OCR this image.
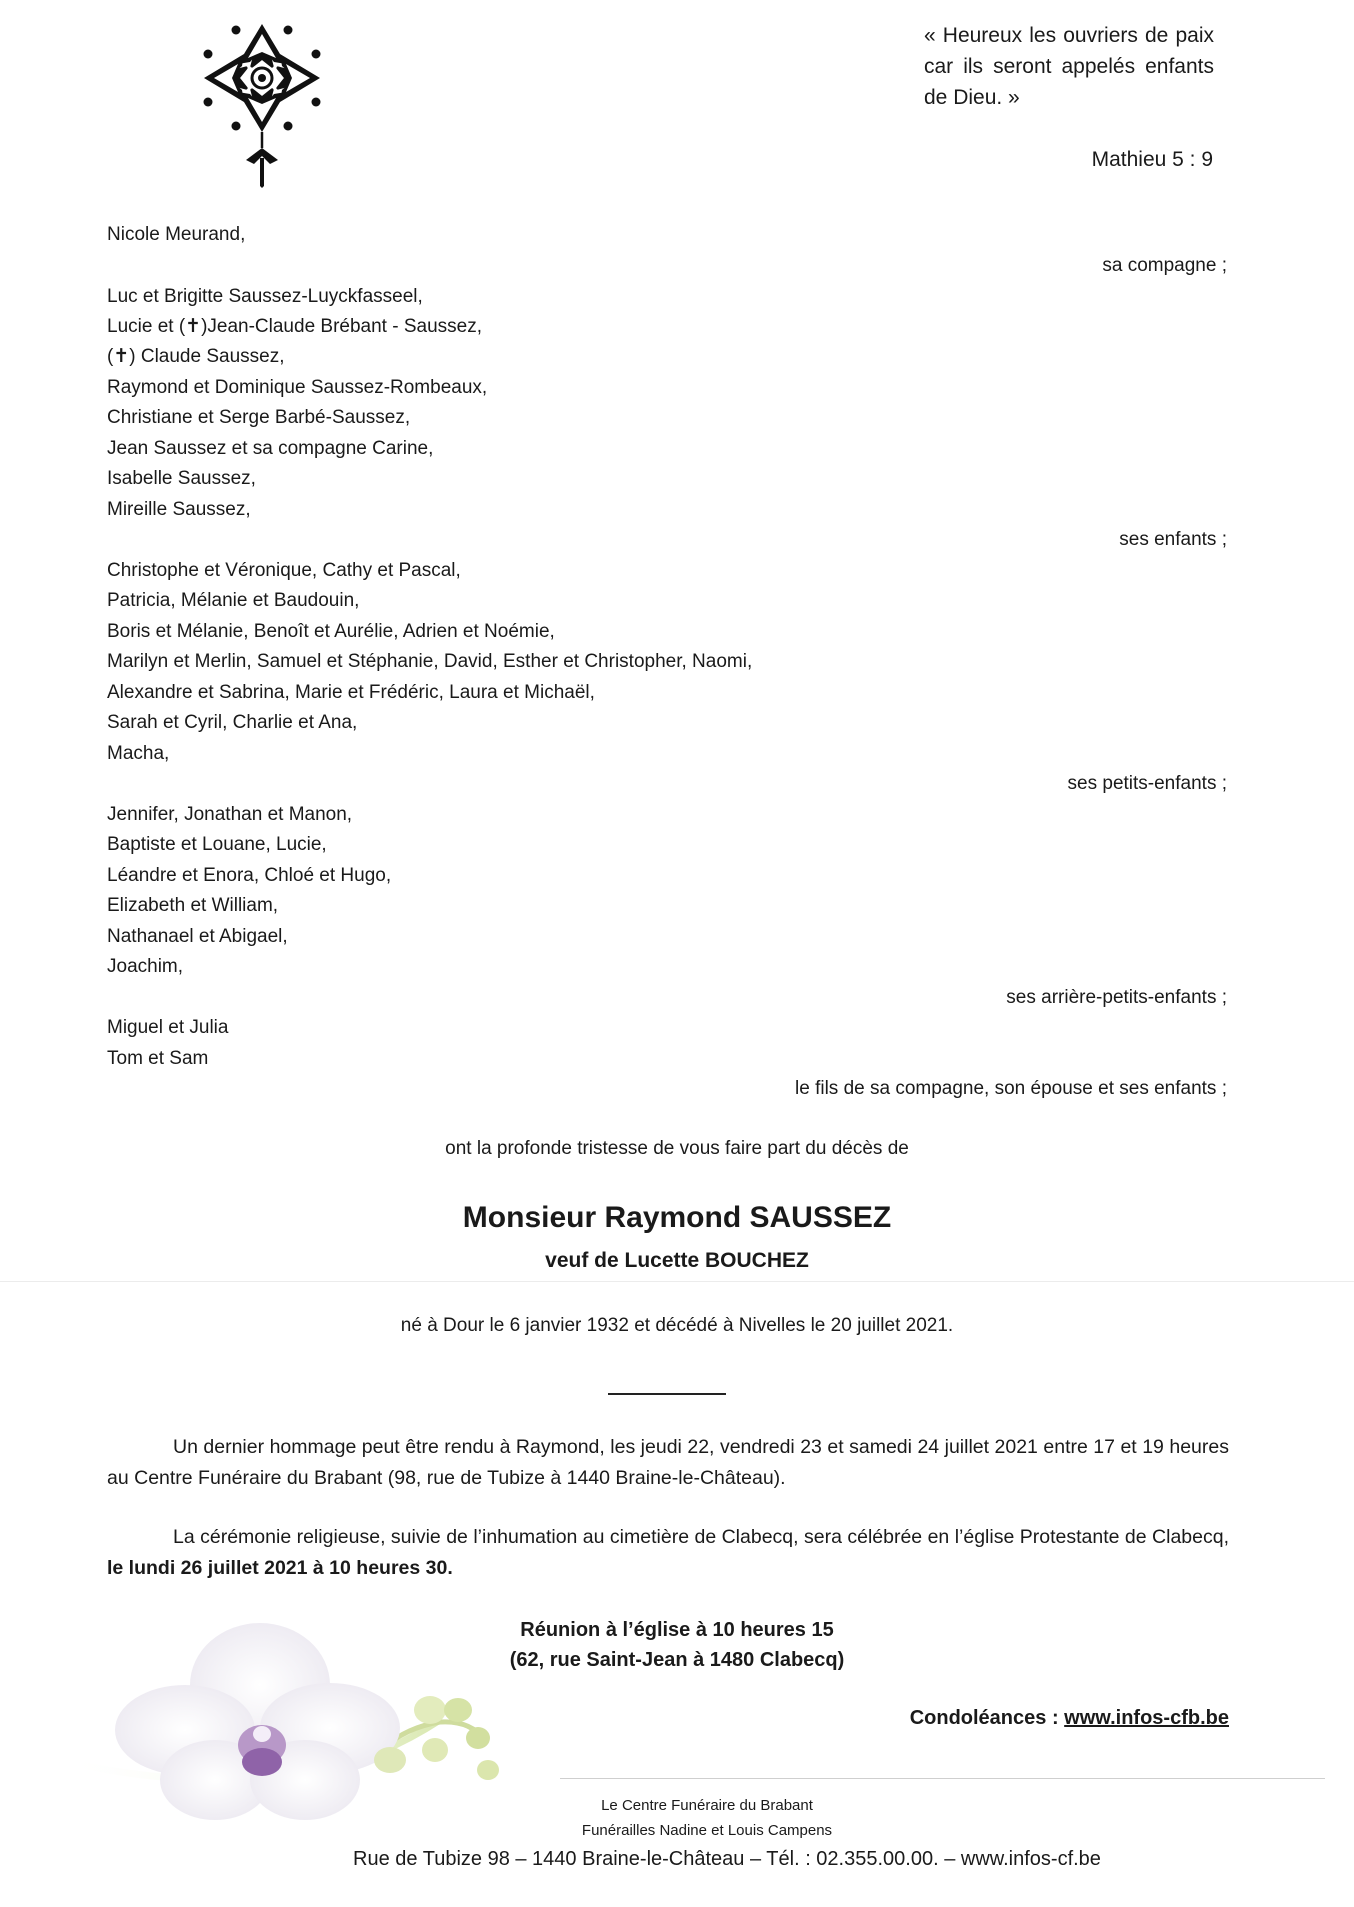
« Heureux les ouvriers de paix car ils seront appelés enfants de Dieu. »
Mathieu 5 : 9
Nicole Meurand,
sa compagne ;
Luc et Brigitte Saussez-Luyckfasseel,
Lucie et (✝)Jean-Claude Brébant - Saussez,
(✝) Claude Saussez,
Raymond et Dominique Saussez-Rombeaux,
Christiane et Serge Barbé-Saussez,
Jean Saussez et sa compagne Carine,
Isabelle Saussez,
Mireille Saussez,
ses enfants ;
Christophe et Véronique, Cathy et Pascal,
Patricia, Mélanie et Baudouin,
Boris et Mélanie, Benoît et Aurélie, Adrien et Noémie,
Marilyn et Merlin, Samuel et Stéphanie, David, Esther et Christopher, Naomi,
Alexandre et Sabrina, Marie et Frédéric, Laura et Michaël,
Sarah et Cyril, Charlie et Ana,
Macha,
ses petits-enfants ;
Jennifer, Jonathan et Manon,
Baptiste et Louane, Lucie,
Léandre et Enora, Chloé et Hugo,
Elizabeth et William,
Nathanael et Abigael,
Joachim,
ses arrière-petits-enfants ;
Miguel et Julia
Tom et Sam
le fils de sa compagne, son épouse et ses enfants ;
ont la profonde tristesse de vous faire part du décès de
Monsieur Raymond SAUSSEZ
veuf de Lucette BOUCHEZ
né à Dour le 6 janvier 1932 et décédé à Nivelles le 20 juillet 2021.
Un dernier hommage peut être rendu à Raymond, les jeudi 22, vendredi 23 et samedi 24 juillet 2021 entre 17 et 19 heures au Centre Funéraire du Brabant (98, rue de Tubize à 1440 Braine-le-Château).
La cérémonie religieuse, suivie de l’inhumation au cimetière de Clabecq, sera célébrée en l’église Protestante de Clabecq, le lundi 26 juillet 2021 à 10 heures 30.
Réunion à l’église à 10 heures 15
(62, rue Saint-Jean à 1480 Clabecq)
Condoléances : www.infos-cfb.be
Le Centre Funéraire du Brabant
Funérailles Nadine et Louis Campens
Rue de Tubize 98 – 1440 Braine-le-Château – Tél. : 02.355.00.00. – www.infos-cf.be
